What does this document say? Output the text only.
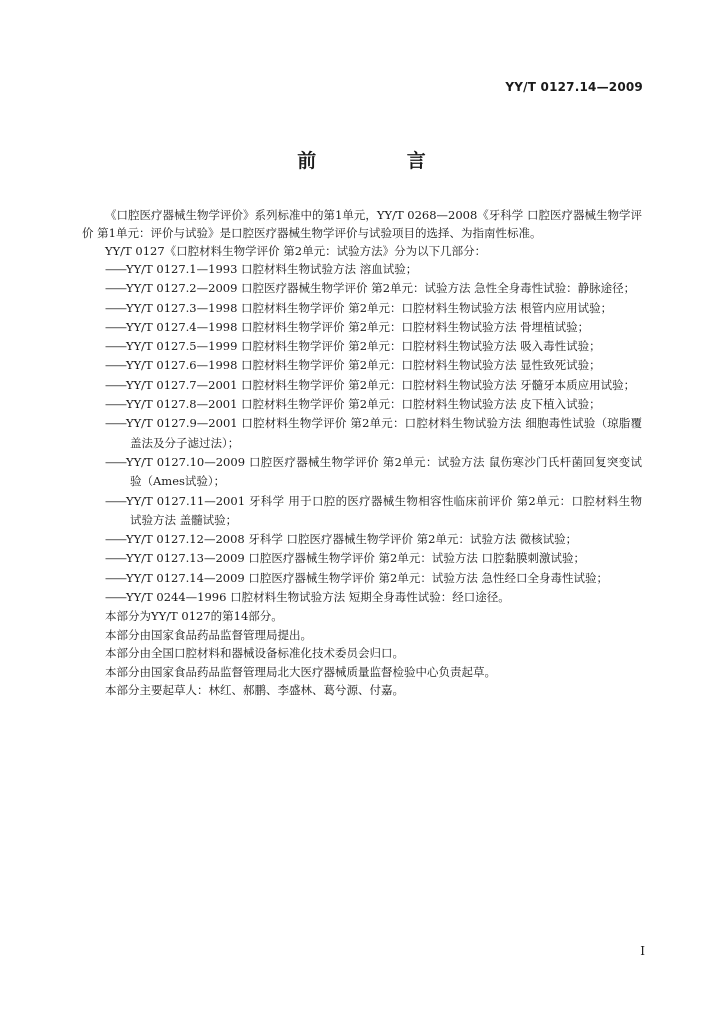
YY/T 0127.14—2009
前 言

《口腔医疗器械生物学评价》系列标准中的第1单元，YY/T 0268—2008《牙科学 口腔医疗器械生物学评价 第1单元：评价与试验》是口腔医疗器械生物学评价与试验项目的选择、为指南性标准。

YY/T 0127《口腔材料生物学评价 第2单元：试验方法》分为以下几部分：

——YY/T 0127.1—1993 口腔材料生物试验方法 溶血试验；
——YY/T 0127.2—2009 口腔医疗器械生物学评价 第2单元：试验方法 急性全身毒性试验：静脉途径；
——YY/T 0127.3—1998 口腔材料生物学评价 第2单元：口腔材料生物试验方法 根管内应用试验；
——YY/T 0127.4—1998 口腔材料生物学评价 第2单元：口腔材料生物试验方法 骨埋植试验；
——YY/T 0127.5—1999 口腔材料生物学评价 第2单元：口腔材料生物试验方法 吸入毒性试验；
——YY/T 0127.6—1998 口腔材料生物学评价 第2单元：口腔材料生物试验方法 显性致死试验；
——YY/T 0127.7—2001 口腔材料生物学评价 第2单元：口腔材料生物试验方法 牙髓牙本质应用试验；
——YY/T 0127.8—2001 口腔材料生物学评价 第2单元：口腔材料生物试验方法 皮下植入试验；
——YY/T 0127.9—2001 口腔材料生物学评价 第2单元：口腔材料生物试验方法 细胞毒性试验（琼脂覆盖法及分子滤过法）；
——YY/T 0127.10—2009 口腔医疗器械生物学评价 第2单元：试验方法 鼠伤寒沙门氏杆菌回复突变试验（Ames试验）；
——YY/T 0127.11—2001 牙科学 用于口腔的医疗器械生物相容性临床前评价 第2单元：口腔材料生物试验方法 盖髓试验；
——YY/T 0127.12—2008 牙科学 口腔医疗器械生物学评价 第2单元：试验方法 微核试验；
——YY/T 0127.13—2009 口腔医疗器械生物学评价 第2单元：试验方法 口腔黏膜刺激试验；
——YY/T 0127.14—2009 口腔医疗器械生物学评价 第2单元：试验方法 急性经口全身毒性试验；
——YY/T 0244—1996 口腔材料生物试验方法 短期全身毒性试验：经口途径。

本部分为YY/T 0127的第14部分。

本部分由国家食品药品监督管理局提出。

本部分由全国口腔材料和器械设备标准化技术委员会归口。

本部分由国家食品药品监督管理局北大医疗器械质量监督检验中心负责起草。

本部分主要起草人：林红、郝鹏、李盛林、葛兮源、付嘉。

I
